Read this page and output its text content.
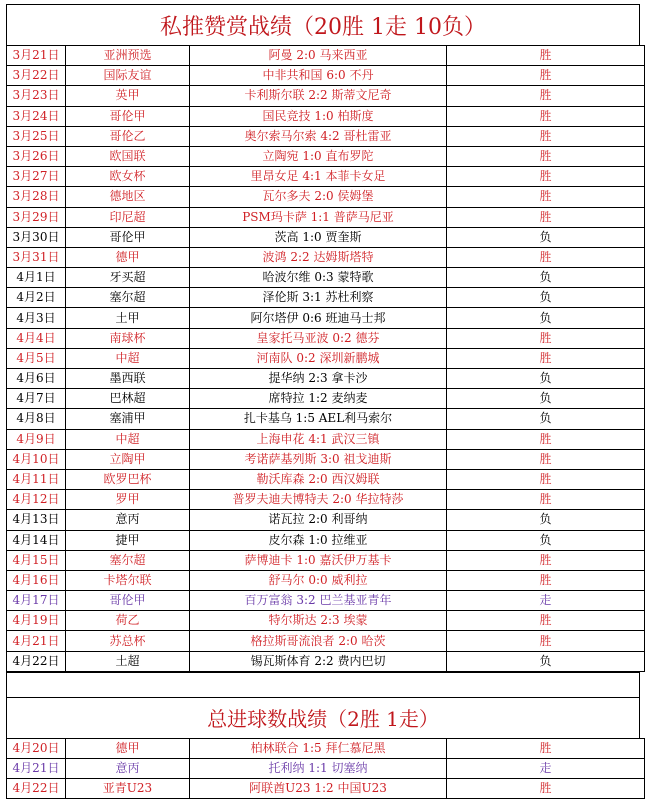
私推赞赏战绩（20胜 1走 10负）
3月21日	亚洲预选	阿曼 2:0 马来西亚	胜
3月22日	国际友谊	中非共和国 6:0 不丹	胜
3月23日	英甲	卡利斯尔联 2:2 斯蒂文尼奇	胜
3月24日	哥伦甲	国民竞技 1:0 柏斯度	胜
3月25日	哥伦乙	奥尔索马尔索 4:2 哥杜雷亚	胜
3月26日	欧国联	立陶宛 1:0 直布罗陀	胜
3月27日	欧女杯	里昂女足 4:1 本菲卡女足	胜
3月28日	德地区	瓦尔多夫 2:0 侯姆堡	胜
3月29日	印尼超	PSM玛卡萨 1:1 普萨马尼亚	胜
3月30日	哥伦甲	茨高 1:0 贾奎斯	负
3月31日	德甲	波鸿 2:2 达姆斯塔特	胜
4月1日	牙买超	哈波尔维 0:3 蒙特歌	负
4月2日	塞尔超	泽伦斯 3:1 苏杜利察	负
4月3日	土甲	阿尔塔伊 0:6 班迪马士邦	负
4月4日	南球杯	皇家托马亚波 0:2 德芬	胜
4月5日	中超	河南队 0:2 深圳新鹏城	胜
4月6日	墨西联	提华纳 2:3 拿卡沙	负
4月7日	巴林超	席特拉 1:2 麦纳麦	负
4月8日	塞浦甲	扎卡基乌 1:5 AEL利马索尔	负
4月9日	中超	上海申花 4:1 武汉三镇	胜
4月10日	立陶甲	考诺萨基列斯 3:0 祖戈迪斯	胜
4月11日	欧罗巴杯	勒沃库森 2:0 西汉姆联	胜
4月12日	罗甲	普罗夫迪夫博特夫 2:0 华拉特莎	胜
4月13日	意丙	诺瓦拉 2:0 利哥纳	负
4月14日	捷甲	皮尔森 1:0 拉维亚	负
4月15日	塞尔超	萨博迪卡 1:0 嘉沃伊万基卡	胜
4月16日	卡塔尔联	舒马尔 0:0 威利拉	胜
4月17日	哥伦甲	百万富翁 3:2 巴兰基亚青年	走
4月19日	荷乙	特尔斯达 2:3 埃蒙	胜
4月21日	苏总杯	格拉斯哥流浪者 2:0 哈茨	胜
4月22日	土超	锡瓦斯体育 2:2 费内巴切	负
总进球数战绩（2胜 1走）
4月20日	德甲	柏林联合 1:5 拜仁慕尼黑	胜
4月21日	意丙	托利纳 1:1 切塞纳	走
4月22日	亚青U23	阿联酋U23 1:2 中国U23	胜
